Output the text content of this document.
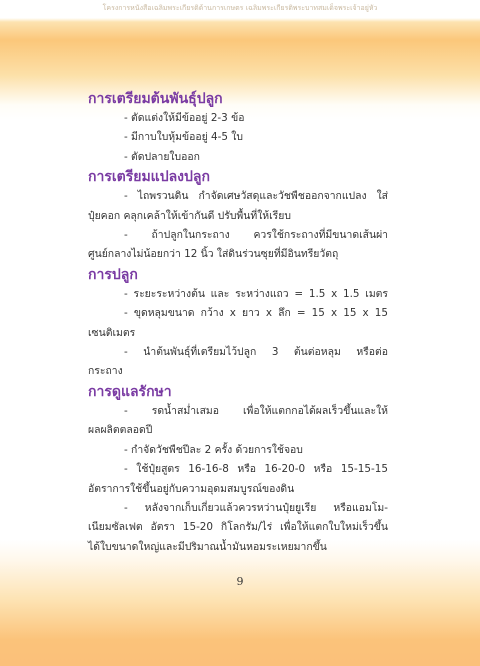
โครงการหนังสือเฉลิมพระเกียรติด้านการเกษตร เฉลิมพระเกียรติพระบาทสมเด็จพระเจ้าอยู่หัว
การเตรียมต้นพันธุ์ปลูก
- ตัดแต่งให้มีข้ออยู่ 2-3 ข้อ
- มีกาบใบหุ้มข้ออยู่ 4-5 ใบ
- ตัดปลายใบออก
การเตรียมแปลงปลูก
- ไถพรวนดิน กำจัดเศษวัสดุและวัชพืชออกจากแปลง ใส่
ปุ๋ยคอก คลุกเคล้าให้เข้ากันดี ปรับพื้นที่ให้เรียบ
- ถ้าปลูกในกระถาง ควรใช้กระถางที่มีขนาดเส้นผ่า
ศูนย์กลางไม่น้อยกว่า 12 นิ้ว ใส่ดินร่วนซุยที่มีอินทรียวัตถุ
การปลูก
- ระยะระหว่างต้น และ ระหว่างแถว = 1.5 x 1.5 เมตร
- ขุดหลุมขนาด กว้าง x ยาว x ลึก = 15 x 15 x 15
เซนติเมตร
- นำต้นพันธุ์ที่เตรียมไว้ปลูก 3 ต้นต่อหลุม หรือต่อ
กระถาง
การดูแลรักษา
- รดน้ำสม่ำเสมอ เพื่อให้แตกกอได้ผลเร็วขึ้นและให้
ผลผลิตตลอดปี
- กำจัดวัชพืชปีละ 2 ครั้ง ด้วยการใช้จอบ
- ใช้ปุ๋ยสูตร 16-16-8 หรือ 16-20-0 หรือ 15-15-15
อัตราการใช้ขึ้นอยู่กับความอุดมสมบูรณ์ของดิน
- หลังจากเก็บเกี่ยวแล้วควรหว่านปุ๋ยยูเรีย หรือแอมโม-
เนียมซัลเฟต อัตรา 15-20 กิโลกรัม/ไร่ เพื่อให้แตกใบใหม่เร็วขึ้น
ได้ใบขนาดใหญ่และมีปริมาณน้ำมันหอมระเหยมากขึ้น
9
